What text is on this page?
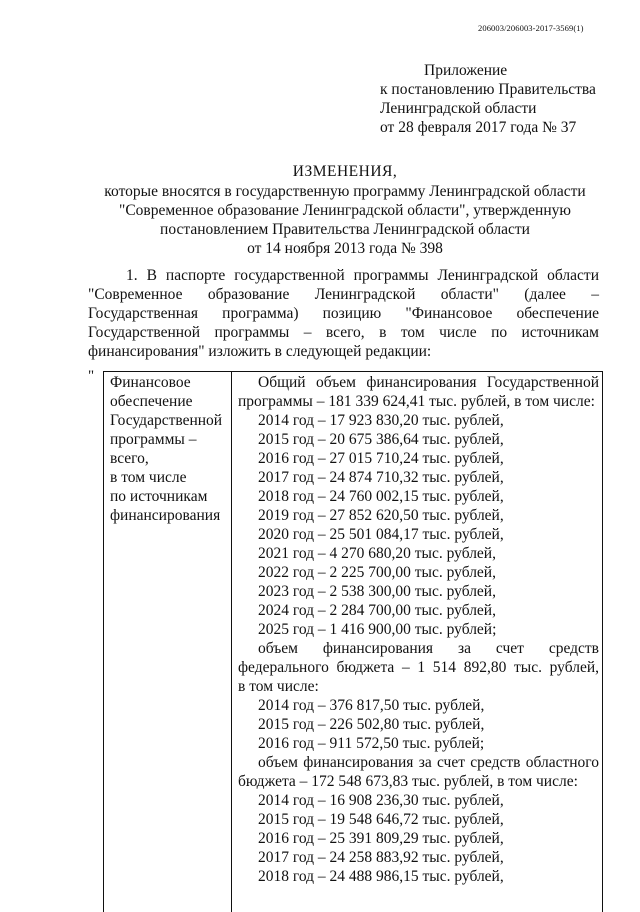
206003/206003-2017-3569(1)
Приложение
к постановлению Правительства
Ленинградской области
от 28 февраля 2017 года № 37
ИЗМЕНЕНИЯ,
которые вносятся в государственную программу Ленинградской области
"Современное образование Ленинградской области", утвержденную
постановлением Правительства Ленинградской области
от 14 ноября 2013 года № 398
1. В паспорте государственной программы Ленинградской области
"Современное образование Ленинградской области" (далее –
Государственная программа) позицию "Финансовое обеспечение
Государственной программы – всего, в том числе по источникам
финансирования" изложить в следующей редакции:
" Финансовое
обеспечение
Государственной
программы –
всего,
в том числе
по источникам
финансирования
Общий объем финансирования Государственной
программы – 181 339 624,41 тыс. рублей, в том числе:
2014 год – 17 923 830,20 тыс. рублей,
2015 год – 20 675 386,64 тыс. рублей,
2016 год – 27 015 710,24 тыс. рублей,
2017 год – 24 874 710,32 тыс. рублей,
2018 год – 24 760 002,15 тыс. рублей,
2019 год – 27 852 620,50 тыс. рублей,
2020 год – 25 501 084,17 тыс. рублей,
2021 год – 4 270 680,20 тыс. рублей,
2022 год – 2 225 700,00 тыс. рублей,
2023 год – 2 538 300,00 тыс. рублей,
2024 год – 2 284 700,00 тыс. рублей,
2025 год – 1 416 900,00 тыс. рублей;
объем финансирования за счет средств
федерального бюджета – 1 514 892,80 тыс. рублей,
в том числе:
2014 год – 376 817,50 тыс. рублей,
2015 год – 226 502,80 тыс. рублей,
2016 год – 911 572,50 тыс. рублей;
объем финансирования за счет средств областного
бюджета – 172 548 673,83 тыс. рублей, в том числе:
2014 год – 16 908 236,30 тыс. рублей,
2015 год – 19 548 646,72 тыс. рублей,
2016 год – 25 391 809,29 тыс. рублей,
2017 год – 24 258 883,92 тыс. рублей,
2018 год – 24 488 986,15 тыс. рублей,
